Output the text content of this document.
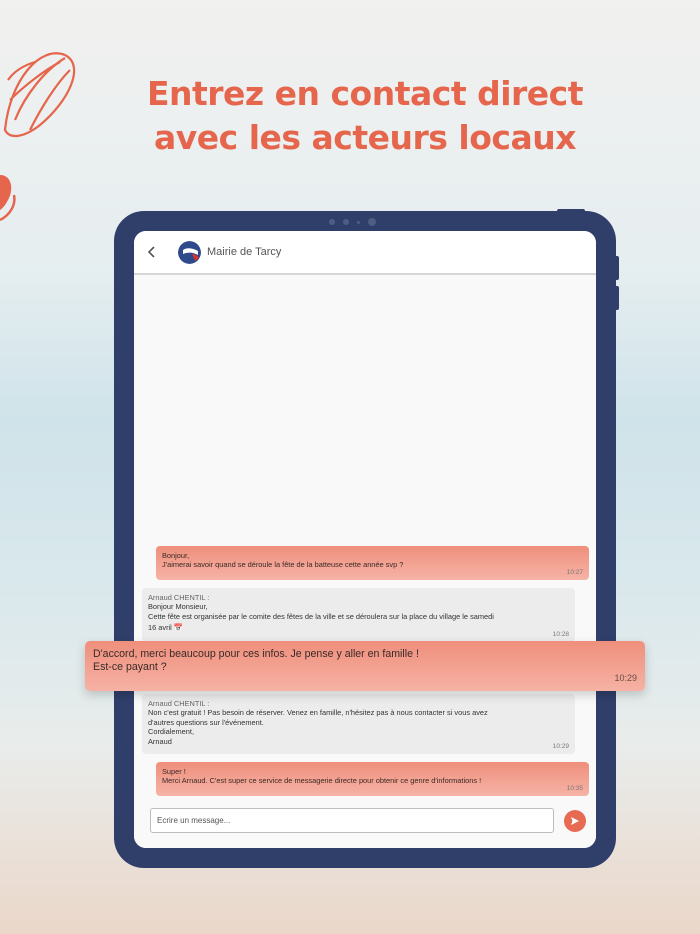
Entrez en contact direct
avec les acteurs locaux
Mairie de Tarcy
Bonjour,
J'aimerai savoir quand se déroule la fête de la batteuse cette année svp ?
10:27
Arnaud CHENTIL :
Bonjour Monsieur,
Cette fête est organisée par le comite des fêtes de la ville et se déroulera sur la place du village le samedi
16 avril 📅
10:28
Arnaud CHENTIL :
Non c'est gratuit ! Pas besoin de réserver. Venez en famille, n'hésitez pas à nous contacter si vous avez
d'autres questions sur l'événement.
Cordialement,
Arnaud
10:29
Super !
Merci Arnaud. C'est super ce service de messagerie directe pour obtenir ce genre d'informations !
10:35
Ecrire un message...
D'accord, merci beaucoup pour ces infos. Je pense y aller en famille !
Est-ce payant ?
10:29
